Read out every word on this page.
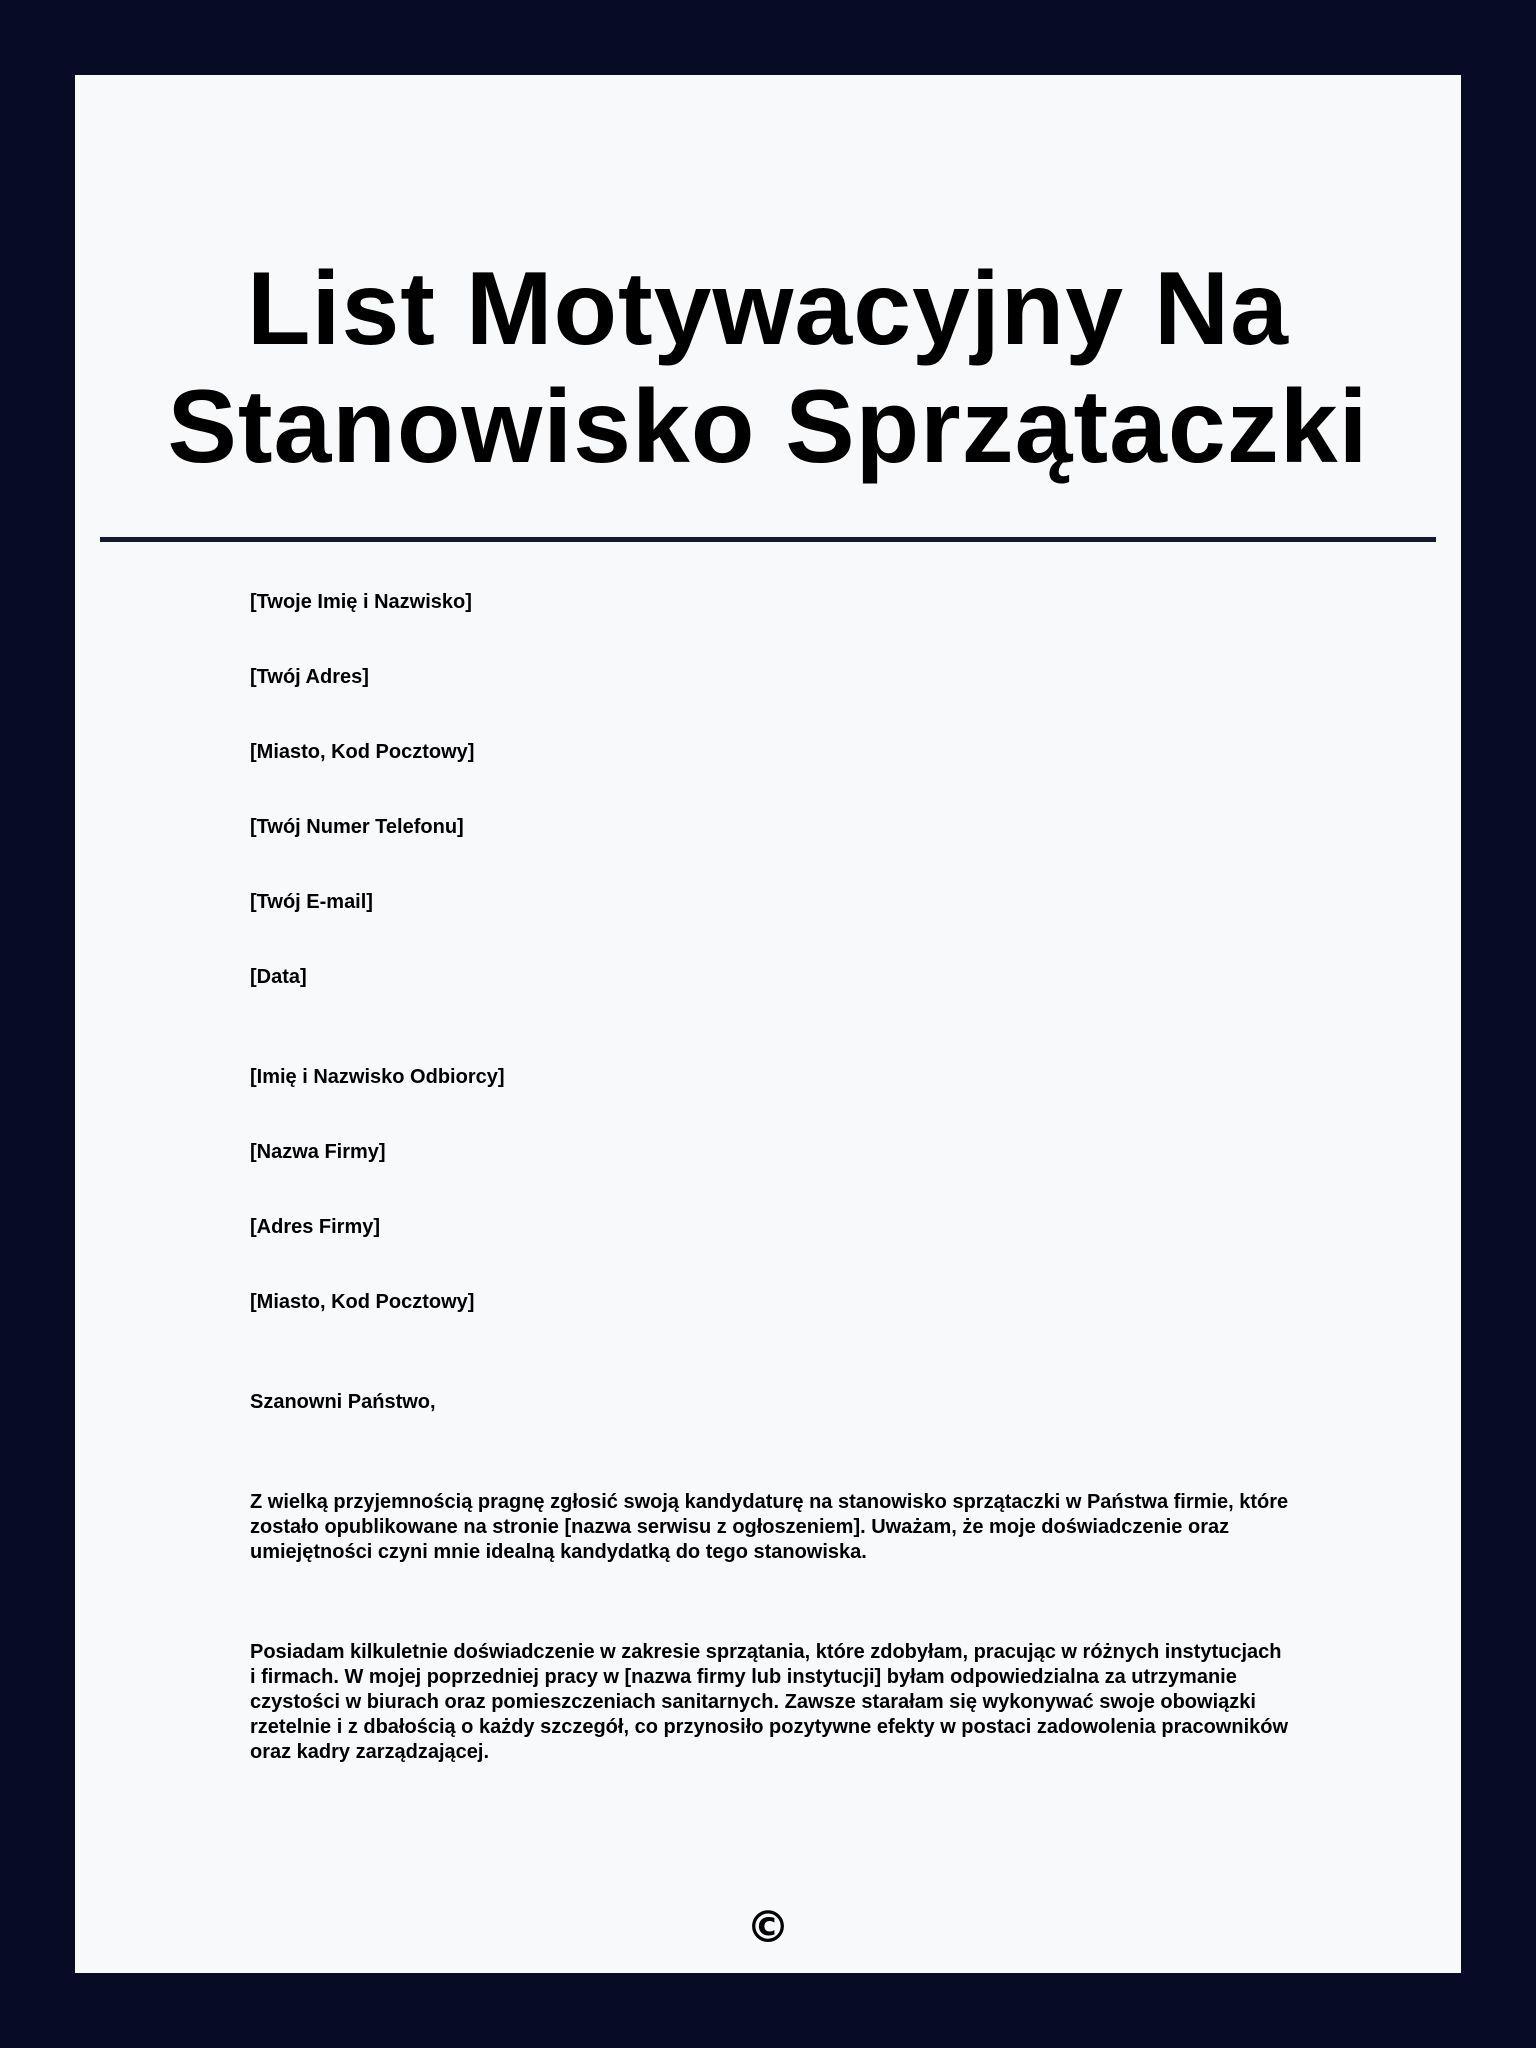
List Motywacyjny Na Stanowisko Sprzątaczki

[Twoje Imię i Nazwisko]

[Twój Adres]

[Miasto, Kod Pocztowy]

[Twój Numer Telefonu]

[Twój E-mail]

[Data]

[Imię i Nazwisko Odbiorcy]

[Nazwa Firmy]

[Adres Firmy]

[Miasto, Kod Pocztowy]

Szanowni Państwo,

Z wielką przyjemnością pragnę zgłosić swoją kandydaturę na stanowisko sprzątaczki w Państwa firmie, które zostało opublikowane na stronie [nazwa serwisu z ogłoszeniem]. Uważam, że moje doświadczenie oraz umiejętności czyni mnie idealną kandydatką do tego stanowiska.

Posiadam kilkuletnie doświadczenie w zakresie sprzątania, które zdobyłam, pracując w różnych instytucjach i firmach. W mojej poprzedniej pracy w [nazwa firmy lub instytucji] byłam odpowiedzialna za utrzymanie czystości w biurach oraz pomieszczeniach sanitarnych. Zawsze starałam się wykonywać swoje obowiązki rzetelnie i z dbałością o każdy szczegół, co przynosiło pozytywne efekty w postaci zadowolenia pracowników oraz kadry zarządzającej.

©
